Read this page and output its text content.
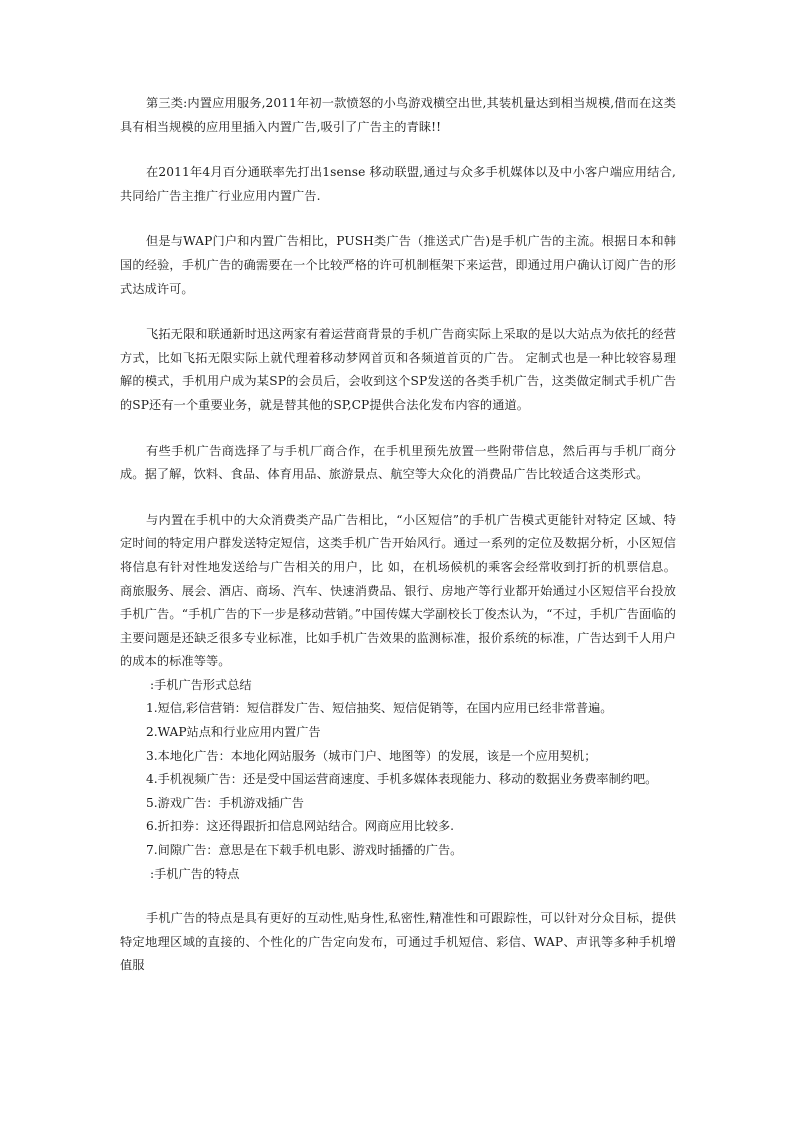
第三类:内置应用服务,2011年初一款愤怒的小鸟游戏横空出世,其装机量达到相当规模,借而在这类具有相当规模的应用里插入内置广告,吸引了广告主的青睐!!

在2011年4月百分通联率先打出1sense 移动联盟,通过与众多手机媒体以及中小客户端应用结合,共同给广告主推广行业应用内置广告.

但是与WAP门户和内置广告相比，PUSH类广告（推送式广告)是手机广告的主流。根据日本和韩国的经验，手机广告的确需要在一个比较严格的许可机制框架下来运营，即通过用户确认订阅广告的形式达成许可。

飞拓无限和联通新时迅这两家有着运营商背景的手机广告商实际上采取的是以大站点为依托的经营方式，比如飞拓无限实际上就代理着移动梦网首页和各频道首页的广告。 定制式也是一种比较容易理解的模式，手机用户成为某SP的会员后，会收到这个SP发送的各类手机广告，这类做定制式手机广告的SP还有一个重要业务，就是替其他的SP,CP提供合法化发布内容的通道。

有些手机广告商选择了与手机厂商合作，在手机里预先放置一些附带信息，然后再与手机厂商分成。据了解，饮料、食品、体育用品、旅游景点、航空等大众化的消费品广告比较适合这类形式。

与内置在手机中的大众消费类产品广告相比，“小区短信”的手机广告模式更能针对特定 区域、特定时间的特定用户群发送特定短信，这类手机广告开始风行。通过一系列的定位及数据分析，小区短信将信息有针对性地发送给与广告相关的用户，比 如，在机场候机的乘客会经常收到打折的机票信息。商旅服务、展会、酒店、商场、汽车、快速消费品、银行、房地产等行业都开始通过小区短信平台投放手机广告。“手机广告的下一步是移动营销。”中国传媒大学副校长丁俊杰认为，“不过，手机广告面临的主要问题是还缺乏很多专业标准，比如手机广告效果的监测标准，报价系统的标准，广告达到千人用户的成本的标准等等。

:手机广告形式总结

1.短信,彩信营销：短信群发广告、短信抽奖、短信促销等，在国内应用已经非常普遍。

2.WAP站点和行业应用内置广告

3.本地化广告：本地化网站服务（城市门户、地图等）的发展，该是一个应用契机；

4.手机视频广告：还是受中国运营商速度、手机多媒体表现能力、移动的数据业务费率制约吧。

5.游戏广告：手机游戏插广告

6.折扣券：这还得跟折扣信息网站结合。网商应用比较多.

7.间隙广告：意思是在下载手机电影、游戏时插播的广告。

:手机广告的特点

手机广告的特点是具有更好的互动性,贴身性,私密性,精准性和可跟踪性，可以针对分众目标，提供特定地理区域的直接的、个性化的广告定向发布，可通过手机短信、彩信、WAP、声讯等多种手机增值服
